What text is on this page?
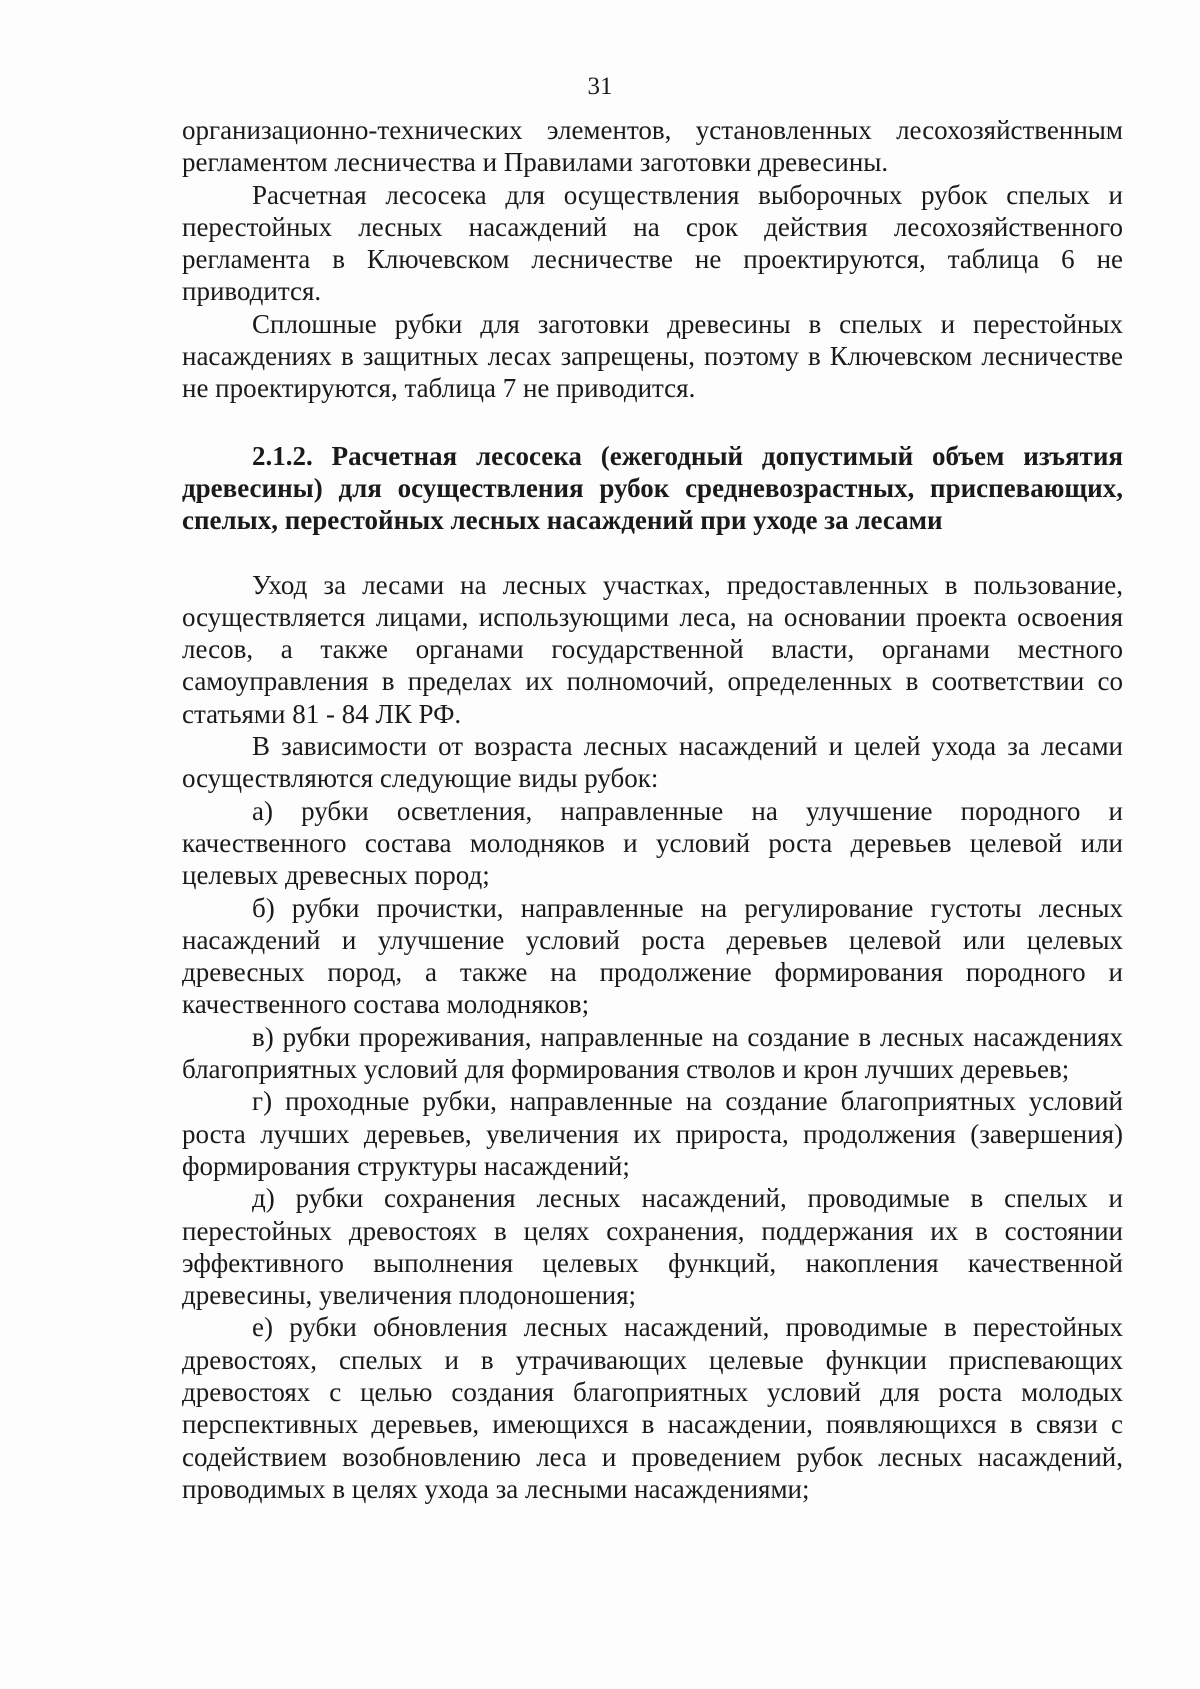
31

организационно-технических элементов, установленных лесохозяйственным регламентом лесничества и Правилами заготовки древесины.

Расчетная лесосека для осуществления выборочных рубок спелых и перестойных лесных насаждений на срок действия лесохозяйственного регламента в Ключевском лесничестве не проектируются, таблица 6 не приводится.

Сплошные рубки для заготовки древесины в спелых и перестойных насаждениях в защитных лесах запрещены, поэтому в Ключевском лесничестве не проектируются, таблица 7 не приводится.

2.1.2. Расчетная лесосека (ежегодный допустимый объем изъятия древесины) для осуществления рубок средневозрастных, приспевающих, спелых, перестойных лесных насаждений при уходе за лесами

Уход за лесами на лесных участках, предоставленных в пользование, осуществляется лицами, использующими леса, на основании проекта освоения лесов, а также органами государственной власти, органами местного самоуправления в пределах их полномочий, определенных в соответствии со статьями 81 - 84 ЛК РФ.

В зависимости от возраста лесных насаждений и целей ухода за лесами осуществляются следующие виды рубок:

а) рубки осветления, направленные на улучшение породного и качественного состава молодняков и условий роста деревьев целевой или целевых древесных пород;

б) рубки прочистки, направленные на регулирование густоты лесных насаждений и улучшение условий роста деревьев целевой или целевых древесных пород, а также на продолжение формирования породного и качественного состава молодняков;

в) рубки прореживания, направленные на создание в лесных насаждениях благоприятных условий для формирования стволов и крон лучших деревьев;

г) проходные рубки, направленные на создание благоприятных условий роста лучших деревьев, увеличения их прироста, продолжения (завершения) формирования структуры насаждений;

д) рубки сохранения лесных насаждений, проводимые в спелых и перестойных древостоях в целях сохранения, поддержания их в состоянии эффективного выполнения целевых функций, накопления качественной древесины, увеличения плодоношения;

е) рубки обновления лесных насаждений, проводимые в перестойных древостоях, спелых и в утрачивающих целевые функции приспевающих древостоях с целью создания благоприятных условий для роста молодых перспективных деревьев, имеющихся в насаждении, появляющихся в связи с содействием возобновлению леса и проведением рубок лесных насаждений, проводимых в целях ухода за лесными насаждениями;
